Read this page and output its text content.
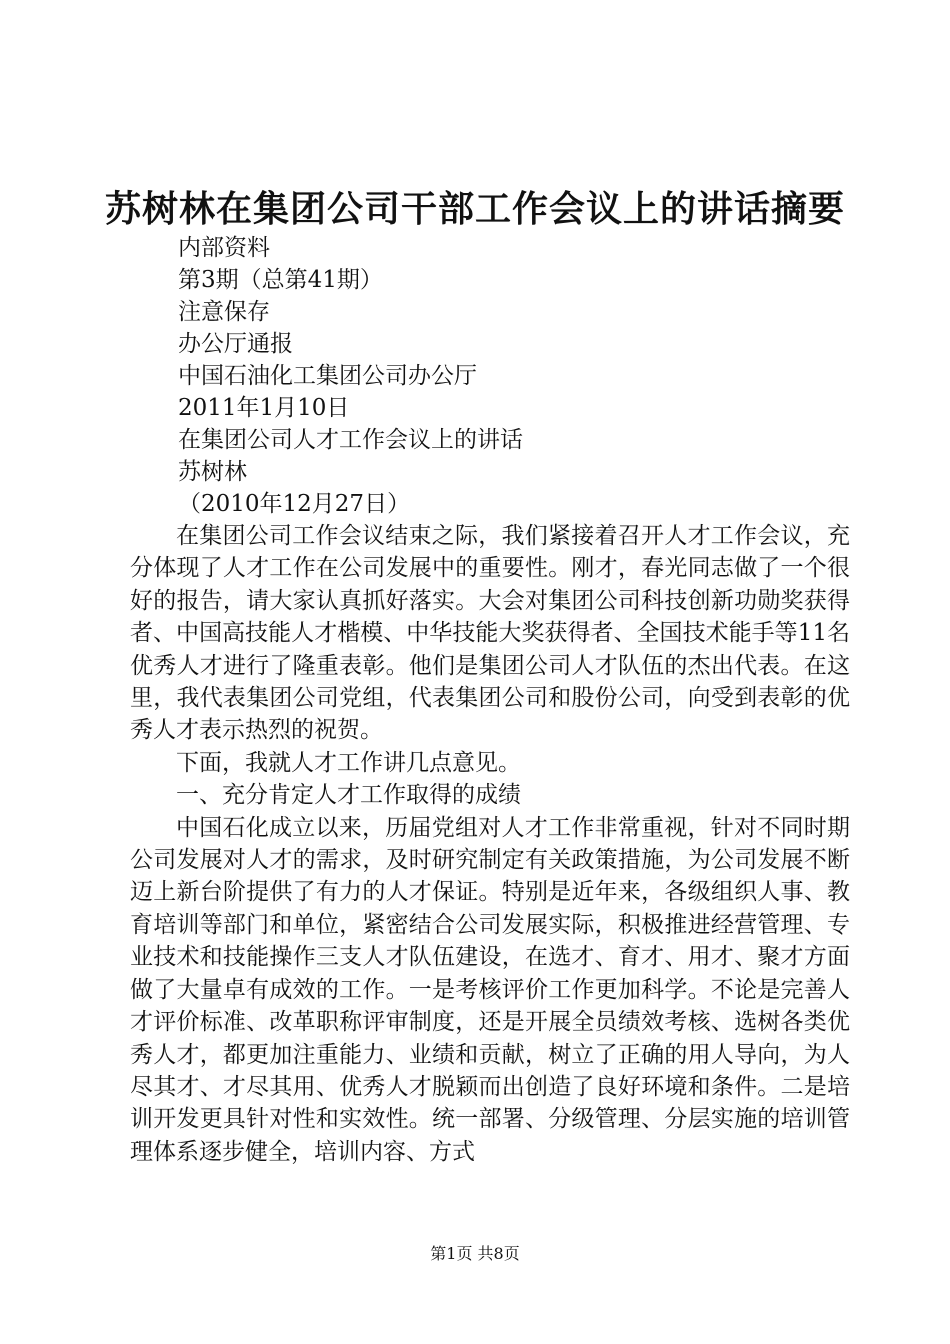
苏树林在集团公司干部工作会议上的讲话摘要
内部资料
第3期（总第41期）
注意保存
办公厅通报
中国石油化工集团公司办公厅
2011年1月10日
在集团公司人才工作会议上的讲话
苏树林
（2010年12月27日）

在集团公司工作会议结束之际，我们紧接着召开人才工作会议，充分体现了人才工作在公司发展中的重要性。刚才，春光同志做了一个很好的报告，请大家认真抓好落实。大会对集团公司科技创新功勋奖获得者、中国高技能人才楷模、中华技能大奖获得者、全国技术能手等11名优秀人才进行了隆重表彰。他们是集团公司人才队伍的杰出代表。在这里，我代表集团公司党组，代表集团公司和股份公司，向受到表彰的优秀人才表示热烈的祝贺。

下面，我就人才工作讲几点意见。

一、充分肯定人才工作取得的成绩

中国石化成立以来，历届党组对人才工作非常重视，针对不同时期公司发展对人才的需求，及时研究制定有关政策措施，为公司发展不断迈上新台阶提供了有力的人才保证。特别是近年来，各级组织人事、教育培训等部门和单位，紧密结合公司发展实际，积极推进经营管理、专业技术和技能操作三支人才队伍建设，在选才、育才、用才、聚才方面做了大量卓有成效的工作。一是考核评价工作更加科学。不论是完善人才评价标准、改革职称评审制度，还是开展全员绩效考核、选树各类优秀人才，都更加注重能力、业绩和贡献，树立了正确的用人导向，为人尽其才、才尽其用、优秀人才脱颖而出创造了良好环境和条件。二是培训开发更具针对性和实效性。统一部署、分级管理、分层实施的培训管理体系逐步健全，培训内容、方式

第1页 共8页
